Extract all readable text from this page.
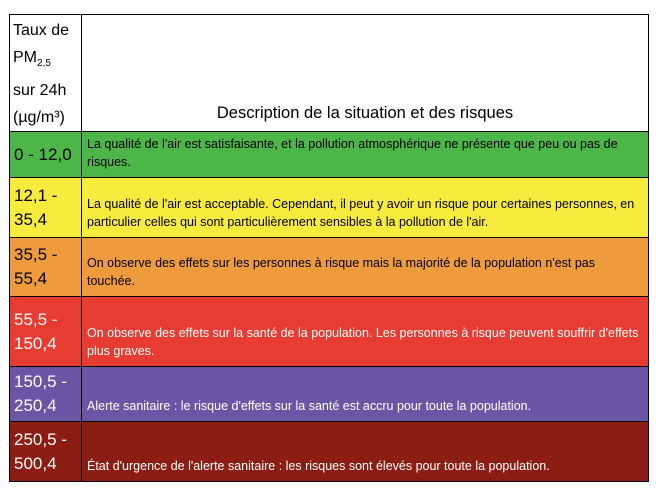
Taux de
$PM_{2,5}$
sur 24h
(µg/m³)	Description de la situation et des risques
0 - 12,0	La qualité de l'air est satisfaisante, et la pollution atmosphérique ne présente que peu ou pas de risques.
12,1 - 35,4	La qualité de l'air est acceptable. Cependant, il peut y avoir un risque pour certaines personnes, en particulier celles qui sont particulièrement sensibles à la pollution de l'air.
35,5 - 55,4	On observe des effets sur les personnes à risque mais la majorité de la population n'est pas touchée.
55,5 - 150,4	On observe des effets sur la santé de la population. Les personnes à risque peuvent souffrir d'effets plus graves.
150,5 - 250,4	Alerte sanitaire : le risque d'effets sur la santé est accru pour toute la population.
250,5 - 500,4	État d'urgence de l'alerte sanitaire : les risques sont élevés pour toute la population.
